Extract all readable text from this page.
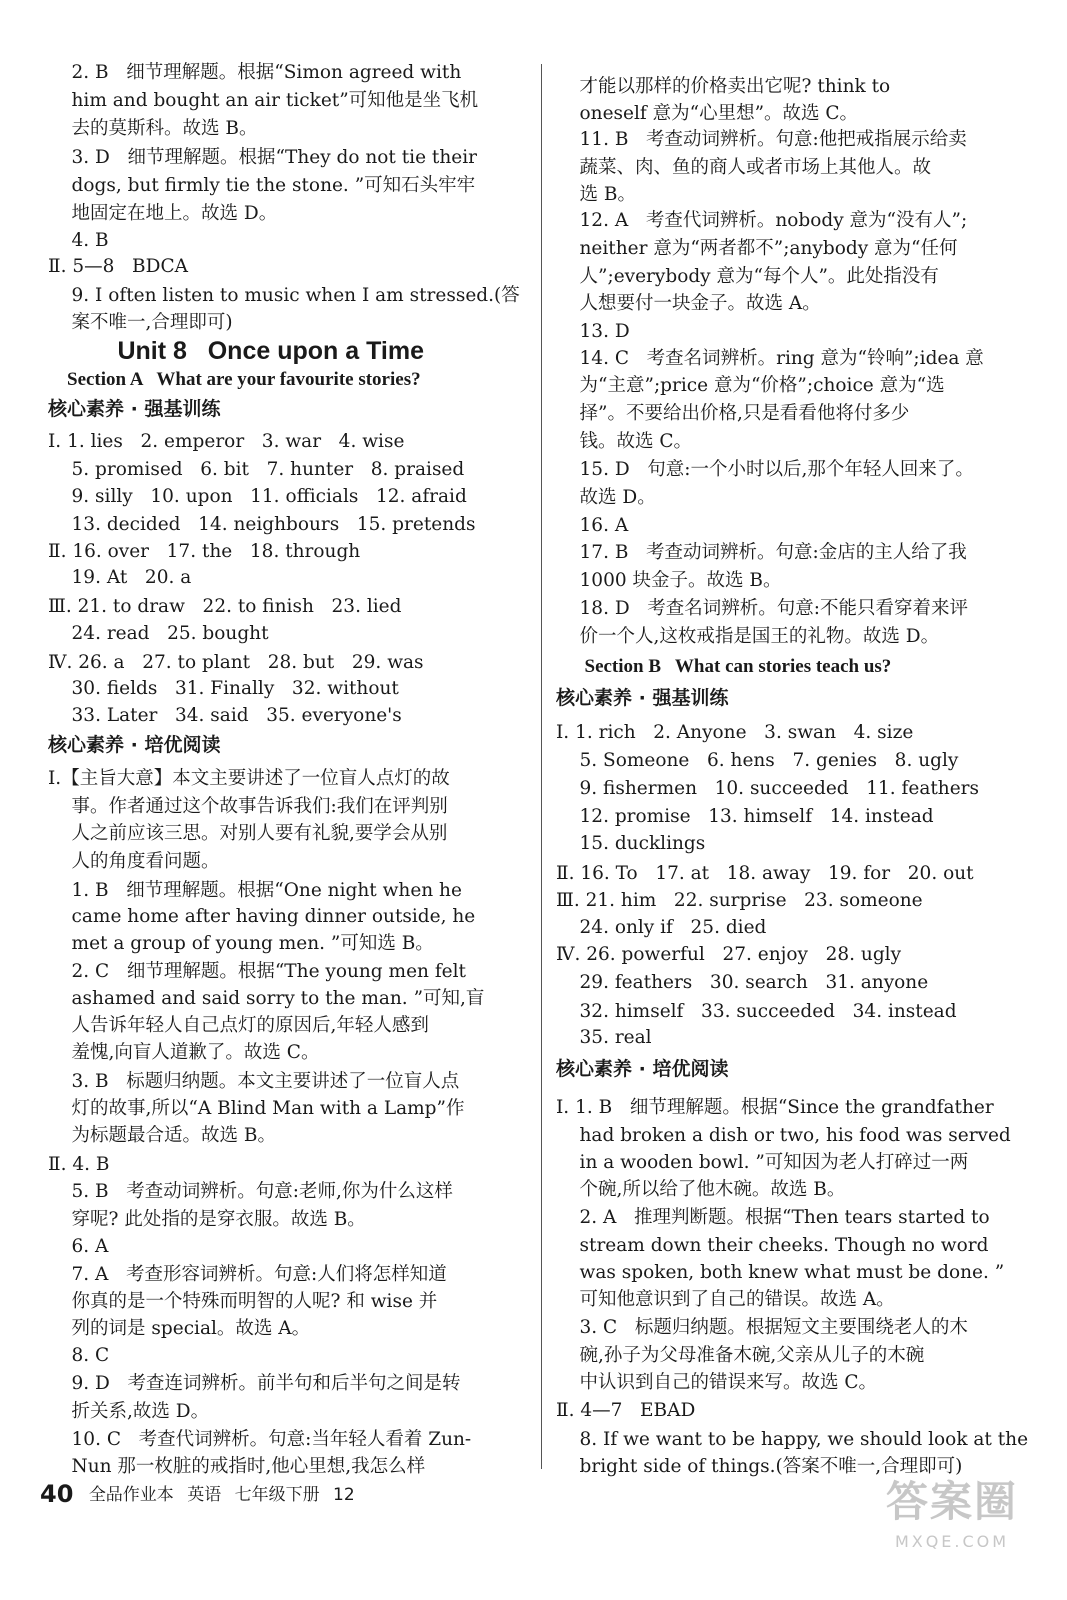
2. B   细节理解题。根据“Simon agreed with
him and bought an air ticket”可知他是坐飞机
去的莫斯科。故选 B。
3. D   细节理解题。根据“They do not tie their
dogs, but firmly tie the stone. ”可知石头牢牢
地固定在地上。故选 D。
4. B
Ⅱ. 5—8   BDCA
9. I often listen to music when I am stressed.(答
案不唯一,合理即可)
Unit 8   Once upon a Time
Section A   What are your favourite stories?
核心素养 · 强基训练
Ⅰ. 1. lies   2. emperor   3. war   4. wise
5. promised   6. bit   7. hunter   8. praised
9. silly   10. upon   11. officials   12. afraid
13. decided   14. neighbours   15. pretends
Ⅱ. 16. over   17. the   18. through
19. At   20. a
Ⅲ. 21. to draw   22. to finish   23. lied
24. read   25. bought
Ⅳ. 26. a   27. to plant   28. but   29. was
30. fields   31. Finally   32. without
33. Later   34. said   35. everyone's
核心素养 · 培优阅读
Ⅰ.【主旨大意】本文主要讲述了一位盲人点灯的故
事。作者通过这个故事告诉我们:我们在评判别
人之前应该三思。对别人要有礼貌,要学会从别
人的角度看问题。
1. B   细节理解题。根据“One night when he
came home after having dinner outside, he
met a group of young men. ”可知选 B。
2. C   细节理解题。根据“The young men felt
ashamed and said sorry to the man. ”可知,盲
人告诉年轻人自己点灯的原因后,年轻人感到
羞愧,向盲人道歉了。故选 C。
3. B   标题归纳题。本文主要讲述了一位盲人点
灯的故事,所以“A Blind Man with a Lamp”作
为标题最合适。故选 B。
Ⅱ. 4. B
5. B   考查动词辨析。句意:老师,你为什么这样
穿呢? 此处指的是穿衣服。故选 B。
6. A
7. A   考查形容词辨析。句意:人们将怎样知道
你真的是一个特殊而明智的人呢? 和 wise 并
列的词是 special。故选 A。
8. C
9. D   考查连词辨析。前半句和后半句之间是转
折关系,故选 D。
10. C   考查代词辨析。句意:当年轻人看着 Zun-
Nun 那一枚脏的戒指时,他心里想,我怎么样
才能以那样的价格卖出它呢? think to
oneself 意为“心里想”。故选 C。
11. B   考查动词辨析。句意:他把戒指展示给卖
蔬菜、肉、鱼的商人或者市场上其他人。故
选 B。
12. A   考查代词辨析。nobody 意为“没有人”;
neither 意为“两者都不”;anybody 意为“任何
人”;everybody 意为“每个人”。此处指没有
人想要付一块金子。故选 A。
13. D
14. C   考查名词辨析。ring 意为“铃响”;idea 意
为“主意”;price 意为“价格”;choice 意为“选
择”。不要给出价格,只是看看他将付多少
钱。故选 C。
15. D   句意:一个小时以后,那个年轻人回来了。
故选 D。
16. A
17. B   考查动词辨析。句意:金店的主人给了我
1000 块金子。故选 B。
18. D   考查名词辨析。句意:不能只看穿着来评
价一个人,这枚戒指是国王的礼物。故选 D。
Section B   What can stories teach us?
核心素养 · 强基训练
Ⅰ. 1. rich   2. Anyone   3. swan   4. size
5. Someone   6. hens   7. genies   8. ugly
9. fishermen   10. succeeded   11. feathers
12. promise   13. himself   14. instead
15. ducklings
Ⅱ. 16. To   17. at   18. away   19. for   20. out
Ⅲ. 21. him   22. surprise   23. someone
24. only if   25. died
Ⅳ. 26. powerful   27. enjoy   28. ugly
29. feathers   30. search   31. anyone
32. himself   33. succeeded   34. instead
35. real
核心素养 · 培优阅读
Ⅰ. 1. B   细节理解题。根据“Since the grandfather
had broken a dish or two, his food was served
in a wooden bowl. ”可知因为老人打碎过一两
个碗,所以给了他木碗。故选 B。
2. A   推理判断题。根据“Then tears started to
stream down their cheeks. Though no word
was spoken, both knew what must be done. ”
可知他意识到了自己的错误。故选 A。
3. C   标题归纳题。根据短文主要围绕老人的木
碗,孙子为父母准备木碗,父亲从儿子的木碗
中认识到自己的错误来写。故选 C。
Ⅱ. 4—7   EBAD
8. If we want to be happy, we should look at the
bright side of things.(答案不唯一,合理即可)
40 全品作业本 英语 七年级下册 12	答案圈
MXQE.COM
